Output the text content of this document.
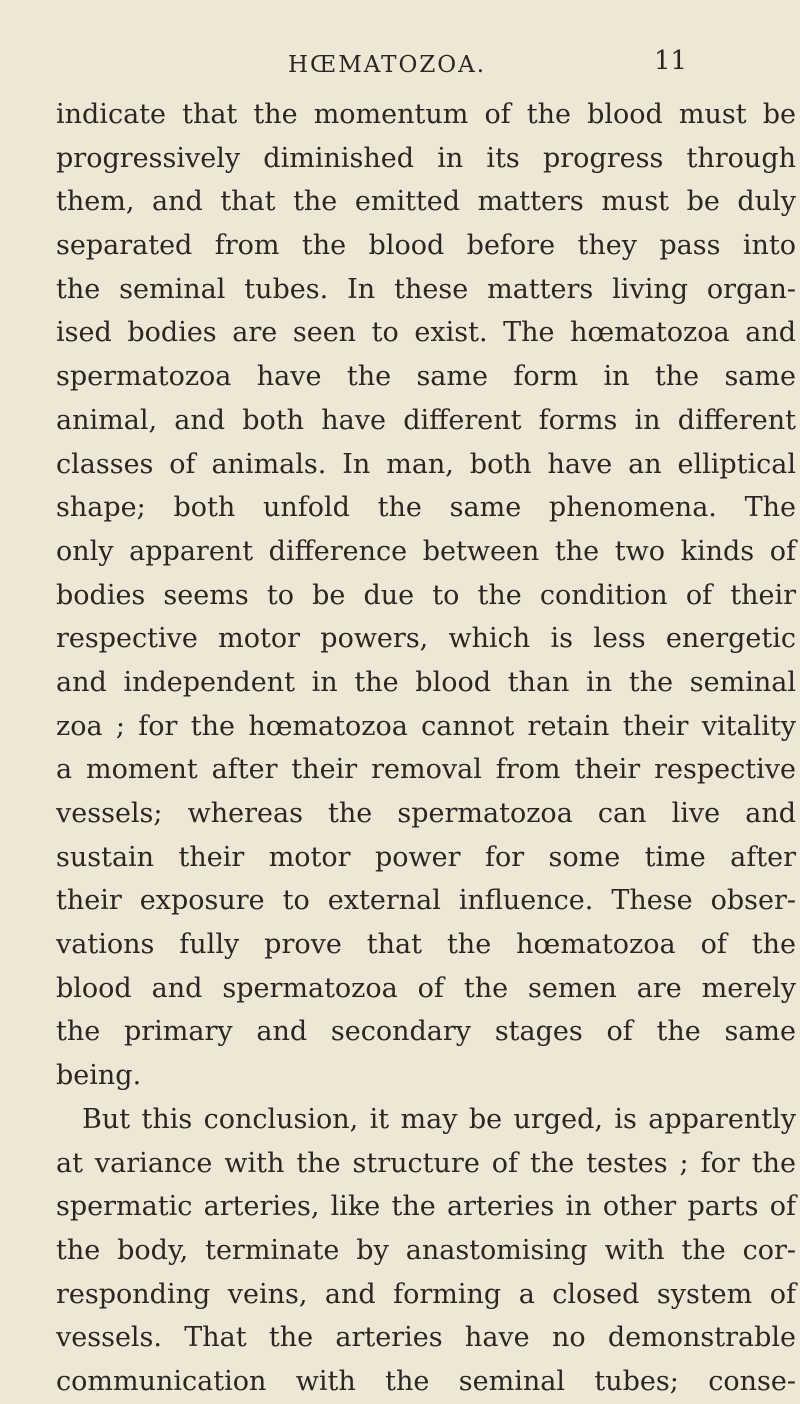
HŒMATOZOA.	11
indicate that the momentum of the blood must be
progressively diminished in its progress through
them, and that the emitted matters must be duly
separated from the blood before they pass into
the seminal tubes. In these matters living organ-
ised bodies are seen to exist. The hœmatozoa and
spermatozoa have the same form in the same
animal, and both have different forms in different
classes of animals. In man, both have an elliptical
shape; both unfold the same phenomena. The
only apparent difference between the two kinds of
bodies seems to be due to the condition of their
respective motor powers, which is less energetic
and independent in the blood than in the seminal
zoa ; for the hœmatozoa cannot retain their vitality
a moment after their removal from their respective
vessels; whereas the spermatozoa can live and
sustain their motor power for some time after
their exposure to external influence. These obser-
vations fully prove that the hœmatozoa of the
blood and spermatozoa of the semen are merely
the primary and secondary stages of the same
being.
But this conclusion, it may be urged, is apparently
at variance with the structure of the testes ; for the
spermatic arteries, like the arteries in other parts of
the body, terminate by anastomising with the cor-
responding veins, and forming a closed system of
vessels. That the arteries have no demonstrable
communication with the seminal tubes; conse-
